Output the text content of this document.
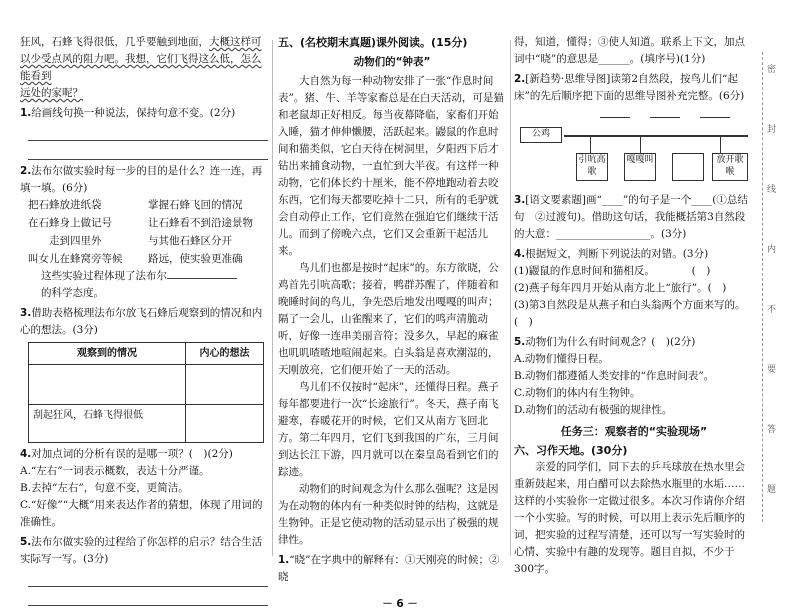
狂风，石蜂飞得很低，几乎要触到地面，大概这样可以少受点风的阻力吧。我想，它们飞得这么低，怎么能看到

远处的家呢？

1.给画线句换一种说法，保持句意不变。(2分)

2.法布尔做实验时每一步的目的是什么？连一连，再填一填。(6分)

把石蜂放进纸袋	掌握石蜂飞回的情况
在石蜂身上做记号	让石蜂看不到沿途景物
走到四里外	与其他石蜂区分开
叫女儿在蜂窝旁等候	路远，使实验更准确

这些实验过程体现了法布尔

的科学态度。

3.借助表格梳理法布尔放飞石蜂后观察到的情况和内心的想法。(3分)

观察到的情况	内心的想法

刮起狂风，石蜂飞得很低	

4.对加点词的分析有误的是哪一项？(　)(2分)

A.“左右”一词表示概数，表达十分严谨。

B.去掉“左右”，句意不变，更简洁。

C.“好像”“大概”用来表达作者的猜想，体现了用词的准确性。

5.法布尔做实验的过程给了你怎样的启示？结合生活实际写一写。(3分)

五、(名校期末真题)课外阅读。(15分)

动物们的“钟表”

大自然为每一种动物安排了一张“作息时间表”。猪、牛、羊等家畜总是在白天活动，可是猫和老鼠却正好相反。每当夜幕降临，家畜们开始入睡，猫才伸伸懒腰，活跃起来。鼹鼠的作息时间和猫类似，它白天待在树洞里，夕阳西下后才钻出来捕食动物，一直忙到大半夜。有这样一种动物，它们体长约十厘米，能不停地跑动着去咬东西，它们每天都要吃掉十二只，所有的毛驴就会自动停止工作，它们竟然在强迫它们继续干活儿。而到了傍晚六点，它们又会重新干起活儿来。

鸟儿们也都是按时“起床”的。东方欲晓，公鸡首先引吭高歌；接着，鸭群苏醒了，伴随着和晚睡时间的鸟儿，争先恐后地发出嘎嘎的叫声；隔了一会儿，山雀醒来了，它们的鸣声清脆动听，好像一连串美丽音符；没多久，早起的麻雀也叽叽喳喳地喧闹起来。白头翁是喜欢潮湿的，天刚放亮，它们便开始了一天的活动。

鸟儿们不仅按时“起床”，还懂得日程。燕子每年都要进行一次“长途旅行”。冬天，燕子南飞避寒，春暖花开的时候，它们又从南方飞回北方。第二年四月，它们飞到我国的广东，三月间到达长江下游，四月就可以在秦皇岛看到它们的踪迹。

动物们的时间观念为什么那么强呢？这是因为在动物的体内有一种类似时钟的结构，这就是生物钟。正是它使动物的活动显示出了极强的规律性。

1.“晓”在字典中的解释有：①天刚亮的时候；②晓

得，知道，懂得；③使人知道。联系上下文，加点词中“晓”的意思是______。(填序号)(1分)

2.[新趋势·思维导图]读第2自然段，按鸟儿们“起床”的先后顺序把下面的思维导图补充完整。(6分)

公鸡
引吭高歌
嘎嘎叫	放开歌喉

3.[语文要素题]画“____”的句子是一个____(①总结句　②过渡句)。借助这句话，我能概括第3自然段的大意：__________________。(3分)

4.根据短文，判断下列说法的对错。(3分)

(1)鼹鼠的作息时间和猫相反。　　　　(　)

(2)燕子每年四月开始从南方北上“旅行”。(　)

(3)第3自然段是从燕子和白头翁两个方面来写的。(　)

5.动物们为什么有时间观念？(　)(2分)

A.动物们懂得日程。

B.动物们都遵循人类安排的“作息时间表”。

C.动物们的体内有生物钟。

D.动物们的活动有极强的规律性。

任务三：观察者的“实验现场”

六、习作天地。(30分)

亲爱的同学们，同下去的乒乓球放在热水里会重新鼓起来，用白醋可以去除热水瓶里的水垢……这样的小实验你一定做过很多。本次习作请你介绍一个小实验。写的时候，可以用上表示先后顺序的词，把实验的过程写清楚，还可以写一写实验时的心情、实验中有趣的发现等。题目自拟，不少于300字。

密
封
线
内
不
要
答
题
－ 6 －
